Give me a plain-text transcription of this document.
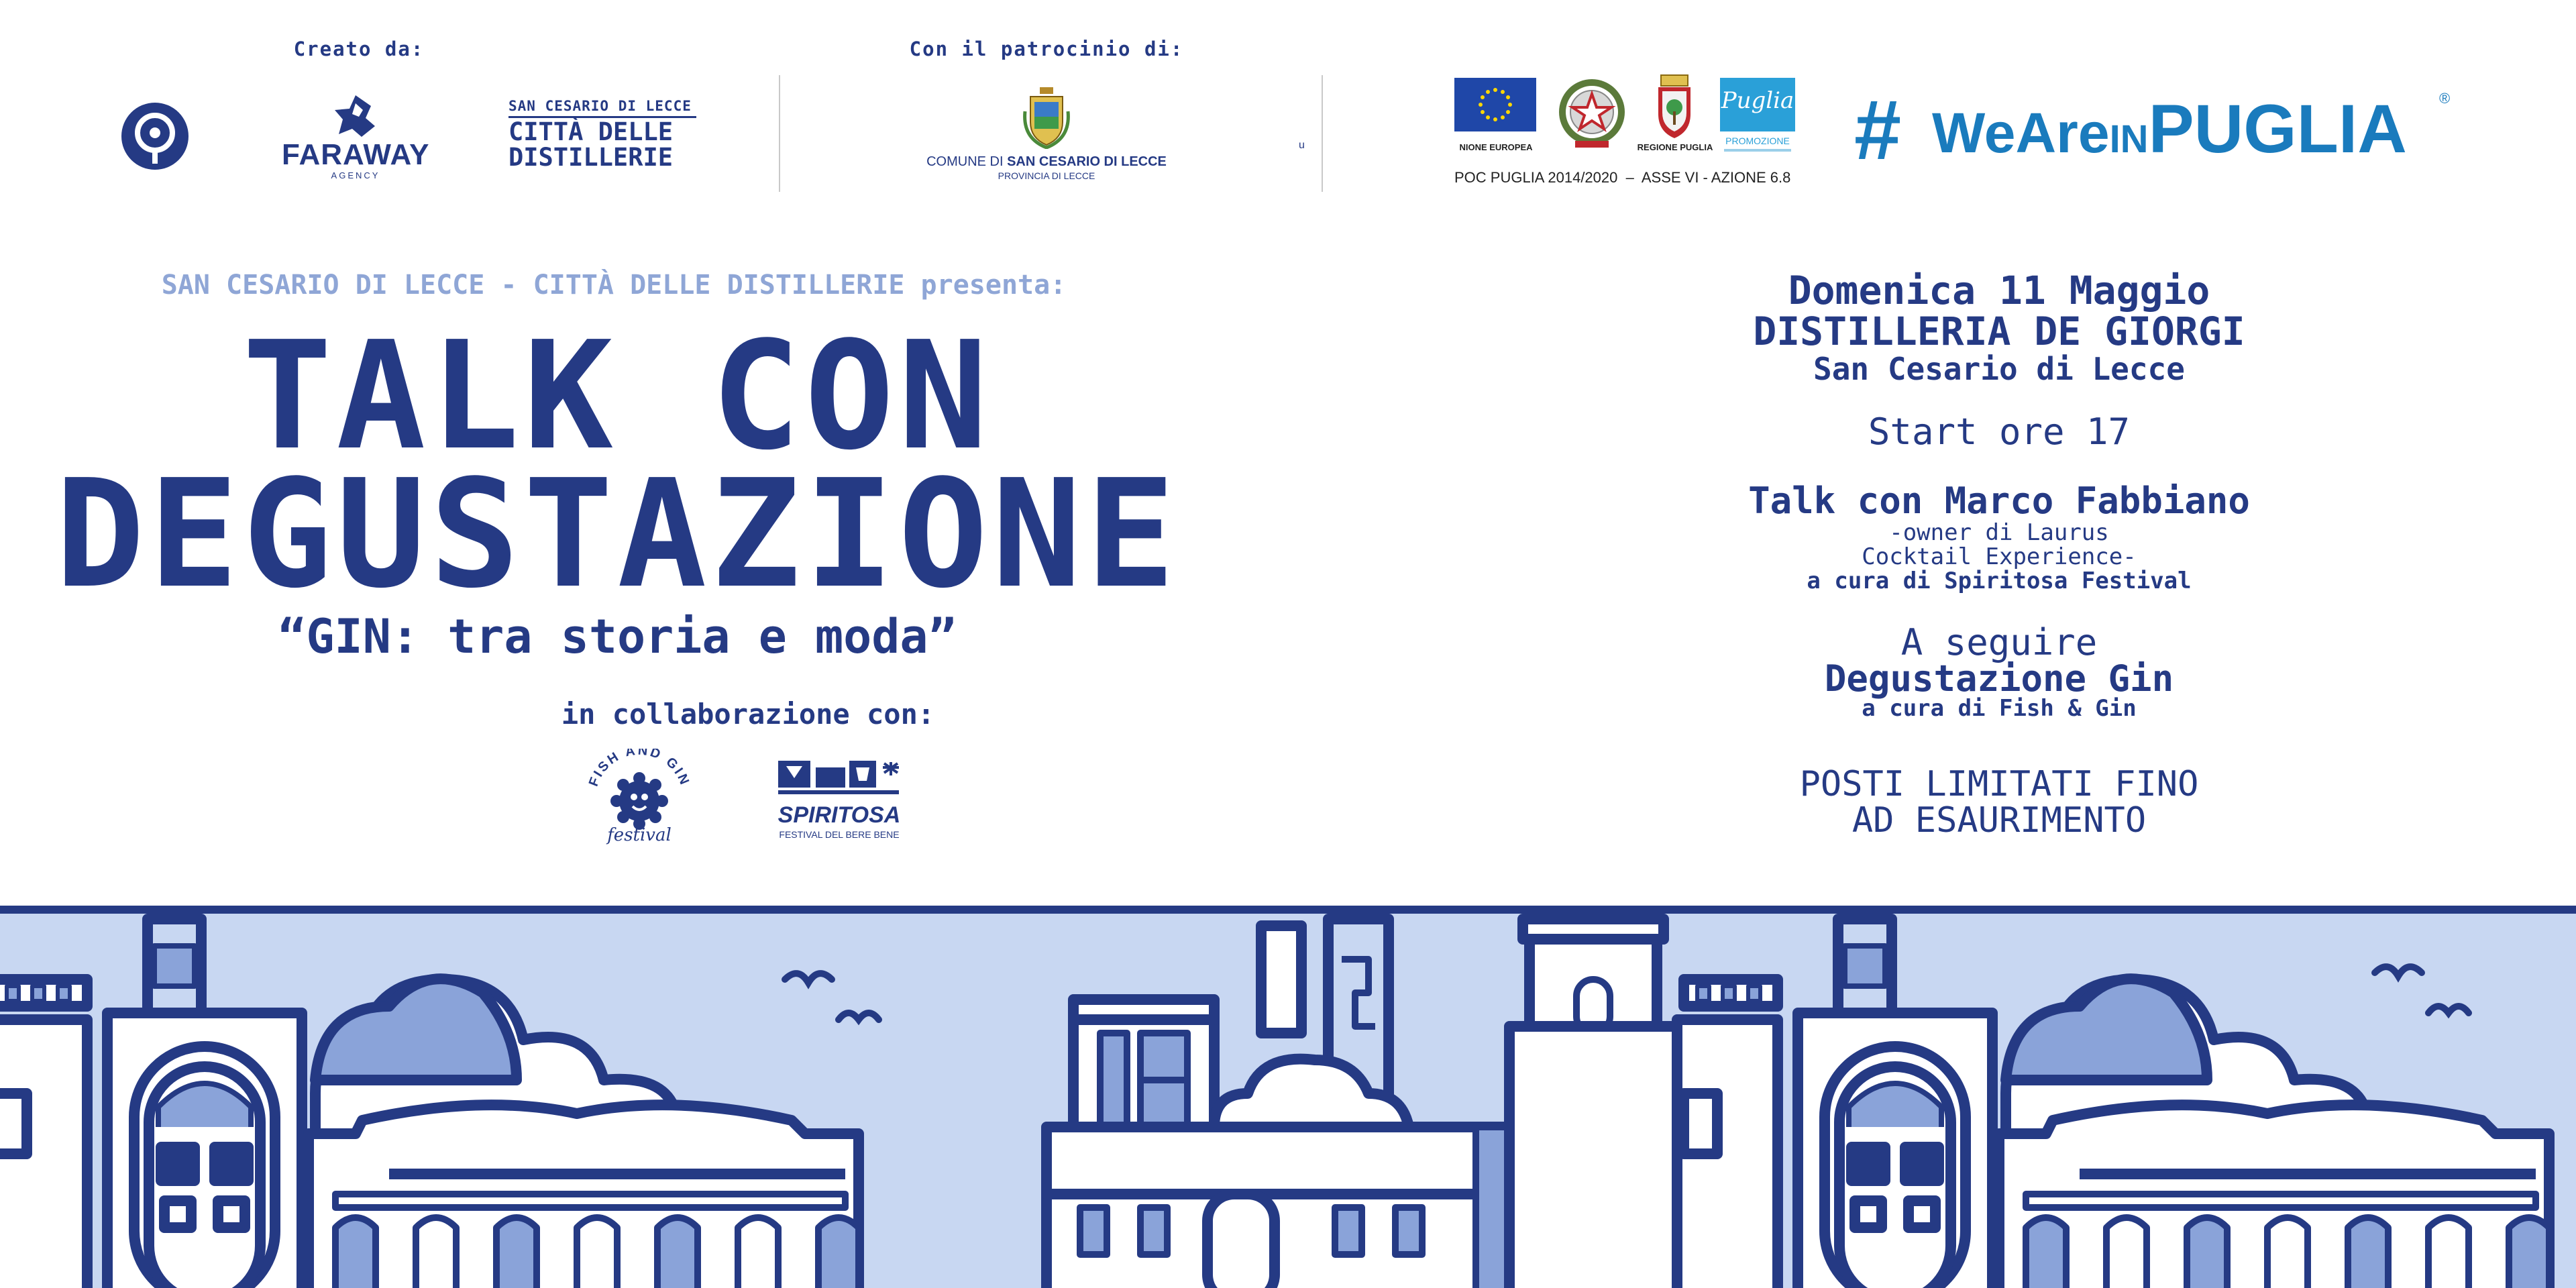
Creato da:	Con il patrocinio di:
FARAWAY
AGENCY
SAN CESARIO DI LECCE
CITTÀ DELLE
DISTILLERIE	COMUNE DI SAN CESARIO DI LECCE
PROVINCIA DI LECCE
u	NIONE EUROPEA	REGIONE PUGLIA
Puglia
PROMOZIONE
POC PUGLIA 2014/2020  –  ASSE VI - AZIONE 6.8
# WeAreINPUGLIA ®
SAN CESARIO DI LECCE - CITTÀ DELLE DISTILLERIE presenta:
TALK CON
DEGUSTAZIONE
“GIN: tra storia e moda”
in collaborazione con:
FISH AND GIN
festival
SPIRITOSA
FESTIVAL DEL BERE BENE
Domenica 11 Maggio
DISTILLERIA DE GIORGI
San Cesario di Lecce
Start ore 17
Talk con Marco Fabbiano
-owner di Laurus
Cocktail Experience-
a cura di Spiritosa Festival
A seguire
Degustazione Gin
a cura di Fish & Gin
POSTI LIMITATI FINO
AD ESAURIMENTO
